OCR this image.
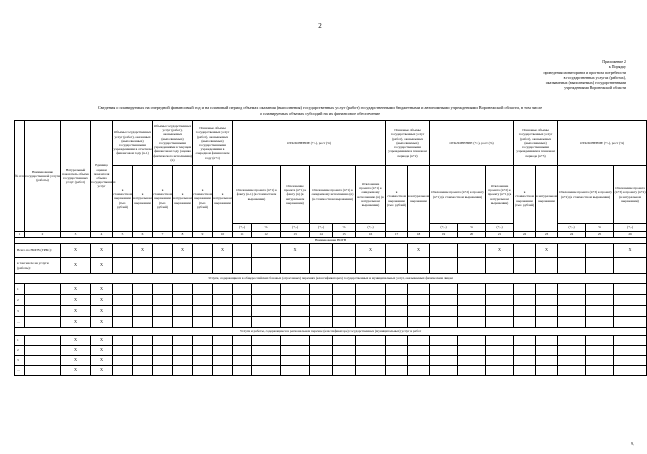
2
Приложение 2
к Порядку
проведения мониторинга и прогноза потребности
в государственных услугах (работах),
оказываемых (выполняемых) государственными
учреждениями Воронежской области
Сведения о планируемых на очередной финансовый год и на плановый период объемах оказания (выполнения) государственных услуг (работ) государственными бюджетными и автономными учреждениями Воронежской области, в том числе
о планируемых объемах субсидий на их финансовое обеспечение
№ п/п	Наименование государственной услуги (работы)	Натуральный показатель объема государственных услуг (работ)	Единица оценки показателя объема государственных услуг	Объемы государственных услуг (работ), оказанных (выполненных) государственными учреждениями в отчетном финансовом году (n-1)		Объемы государственных услуг (работ), оказываемых (выполняемых) государственными учреждениями в текущем финансовом году (оценка фактического исполнения) (n)		Плановые объемы государственных услуг (работ), оказываемых (выполняемых) государственными учреждениями в очередном финансовом году (n+1)		ОТКЛОНЕНИЕ (+/-), рост (%)						Плановые объемы государственных услуг (работ), оказываемых (выполняемых) государственными учреждениями в плановом периоде (n+2)		ОТКЛОНЕНИЕ (+/-), рост (%)			Плановые объемы государственных услуг (работ), оказываемых (выполняемых) государственными учреждениями в плановом периоде (n+3)		ОТКЛОНЕНИЕ (+/-), рост (%)		
				в стоимостном выражении (тыс. рублей)	в натуральном выражении	в стоимостном выражении (тыс. рублей)	в натуральном выражении	в стоимостном выражении (тыс. рублей)	в натуральном выражении	Отклонение проекта (n+1) к факту (n-1) (в стоимостном выражении)		Отклонение проекта (n+1) к факту (n) (в натуральном выражении)	Отклонение проекта (n+1) к ожидаемому исполнению (n) (в стоимостном выражении)		Отклонение проекта (n+1) к ожидаемому исполнению (n) (в натуральном выражении)	в стоимостном выражении (тыс. рублей)	в натуральном выражении	Отклонение проекта (n+2) к проекту (n+1) (в стоимостном выражении)		Отклонение проекта (n+2) к проекту (n+1) (в натуральном выражении)	в стоимостном выражении (тыс. рублей)	в натуральном выражении	Отклонение проекта (n+3) к проекту (n+2) (в стоимостном выражении)		Отклонение проекта (n+3) к проекту (n+2) (в натуральном выражении)
										(+,-)	%	(+,-)	(+,-)	%	(+,-)			(+,-)	%	(+,-)			(+,-)	%	(+,-)
1	2	3	4	5	6	7	8	9	10	11	12	13	14	15	16	17	18	19	20	21	22	23	24	25	26
Наименование НОГВ																									
Всего по НОГВ (ГРБС):		X	X		X		X		X			X			X		X			X		X			X
в том числе на услуги (работы):		X	X																						
Услуги, содержащиеся в общероссийских базовых (отраслевых) перечнях (классификаторах) государственных и муниципальных услуг, оказываемых физическим лицам																									
1		X	X																						
2		X	X																						
3		X	X																						
...		X	X																						
Услуги и работы, содержащиеся в региональном перечне (классификаторе) государственных (муниципальных) услуг и работ																									
1		X	X																						
2		X	X																						
3		X	X																						
...		X	X																						
9,
